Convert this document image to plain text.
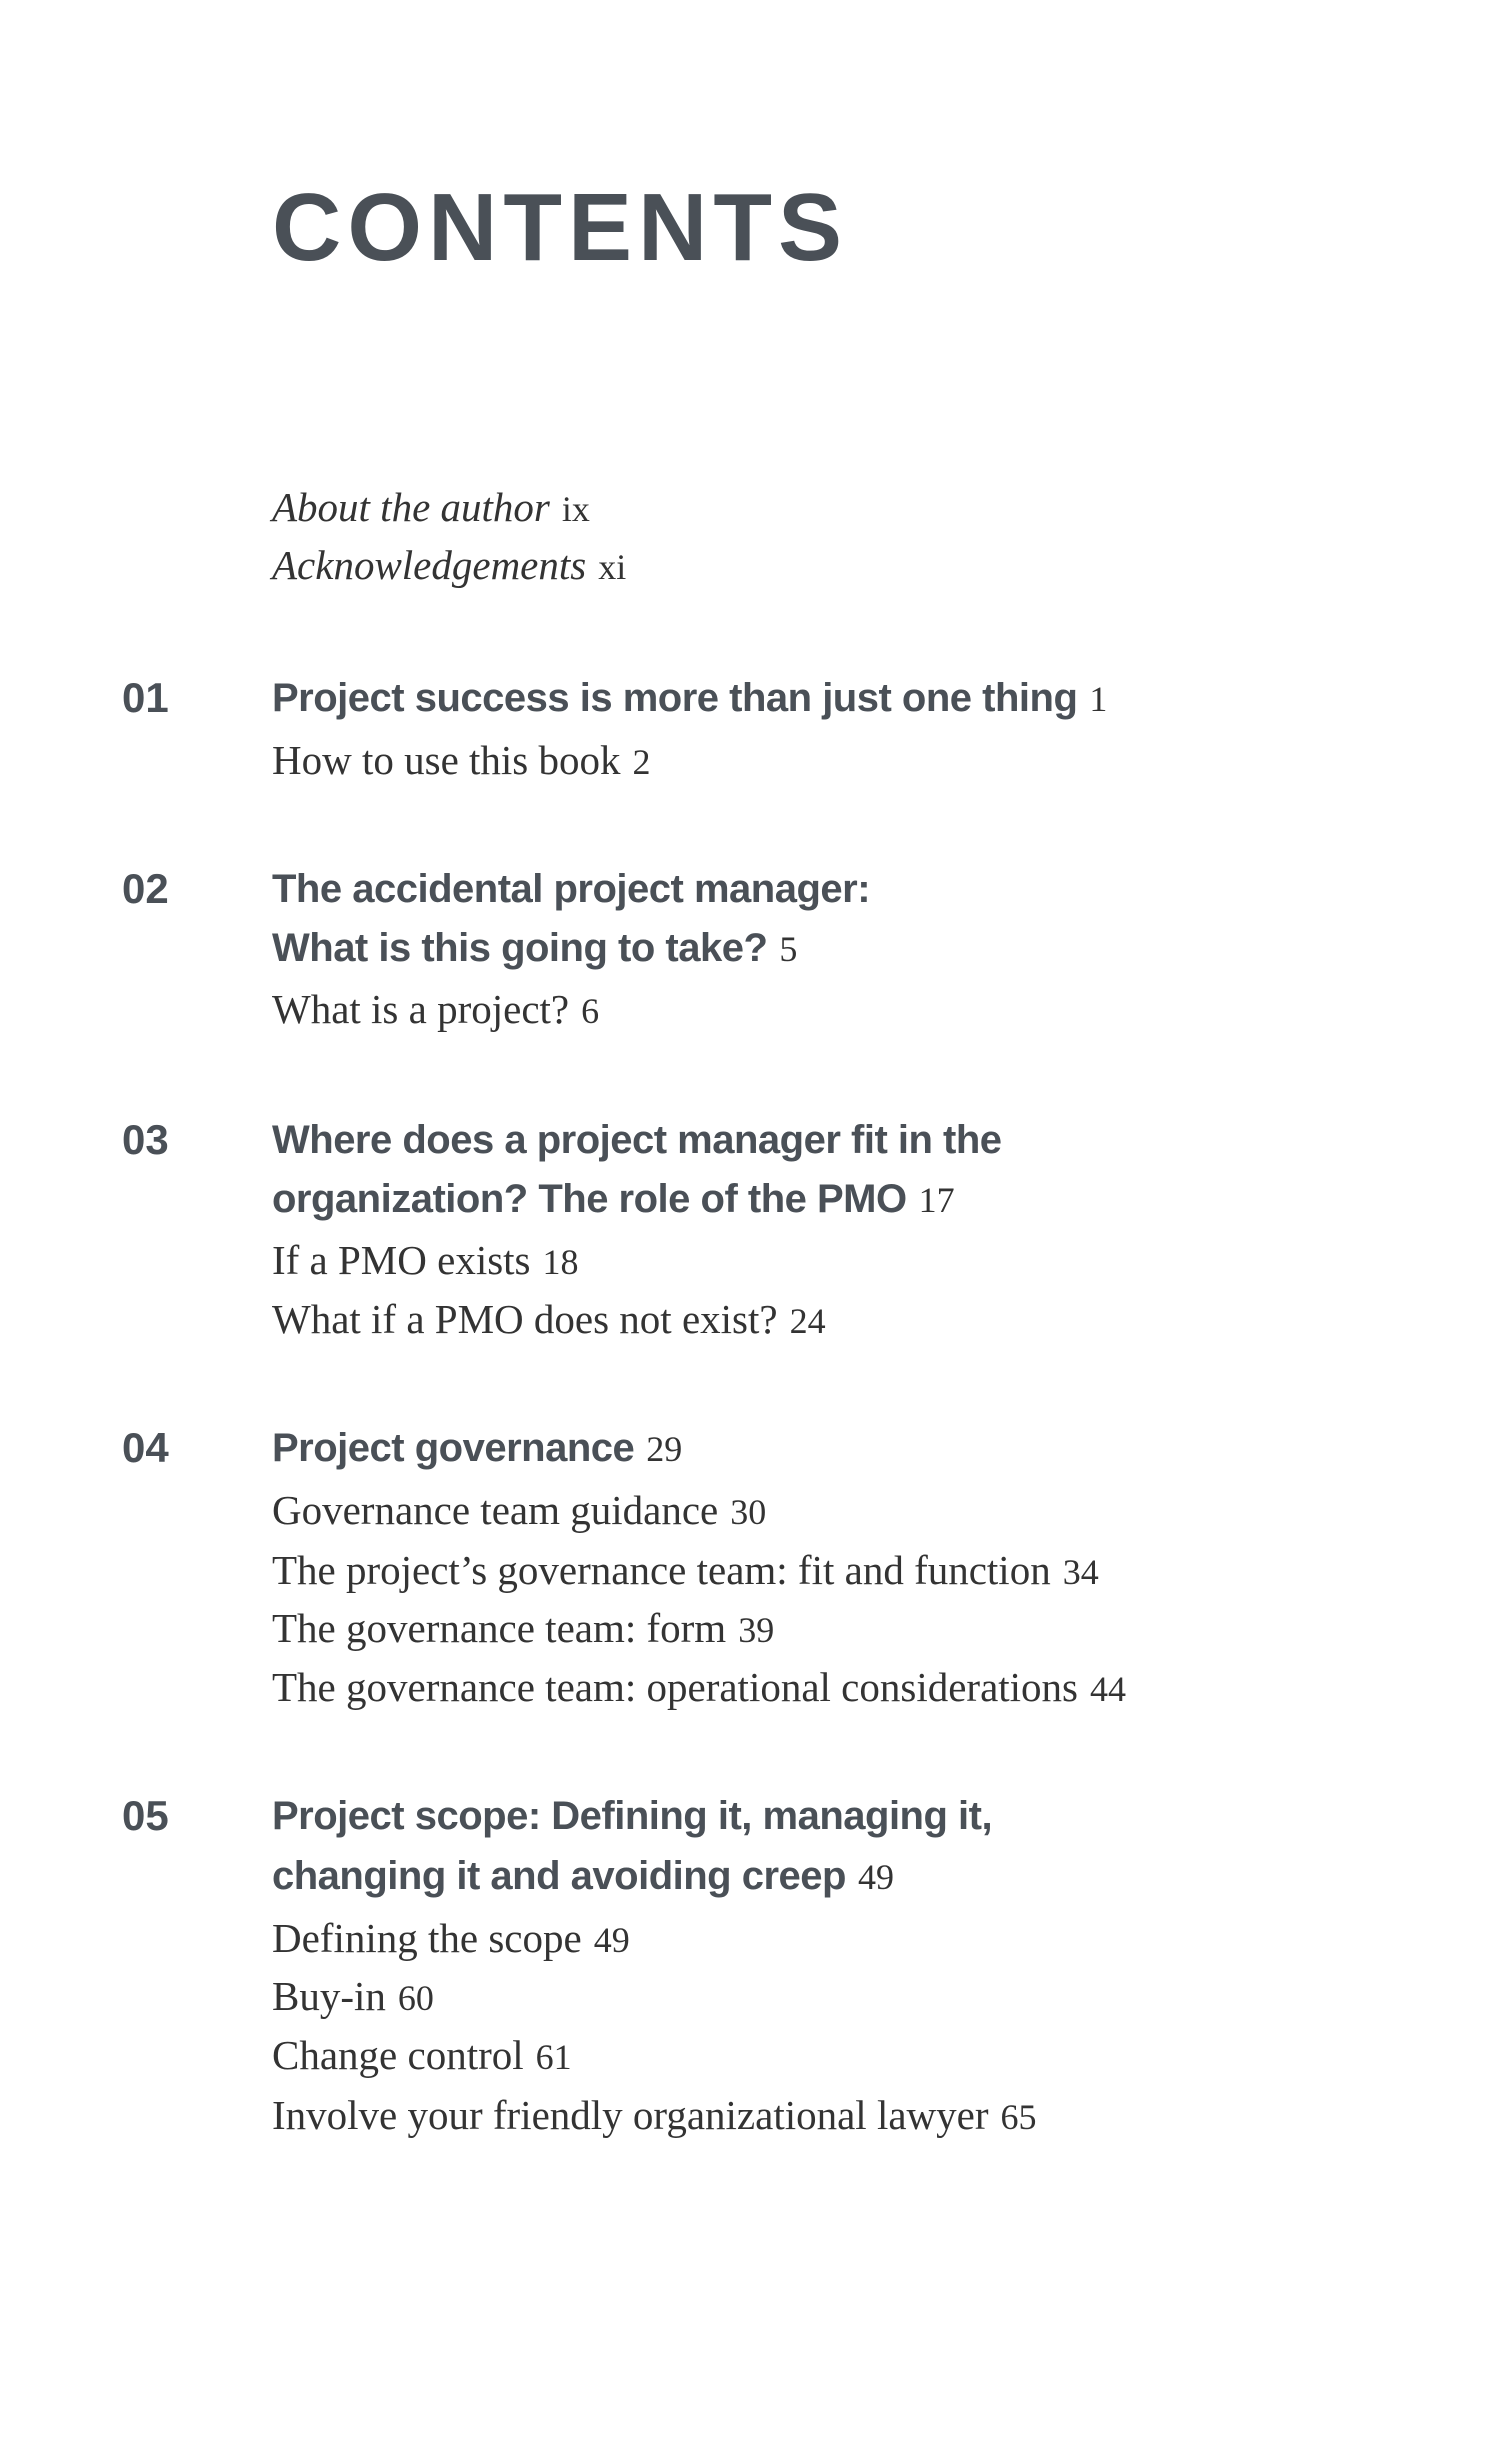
CONTENTS
About the author ix
Acknowledgements xi
01	Project success is more than just one thing 1
How to use this book 2
02	The accidental project manager:
What is this going to take? 5
What is a project? 6
03	Where does a project manager fit in the
organization? The role of the PMO 17
If a PMO exists 18
What if a PMO does not exist? 24
04	Project governance 29
Governance team guidance 30
The project’s governance team: fit and function 34
The governance team: form 39
The governance team: operational considerations 44
05	Project scope: Defining it, managing it,
changing it and avoiding creep 49
Defining the scope 49
Buy-in 60
Change control 61
Involve your friendly organizational lawyer 65
